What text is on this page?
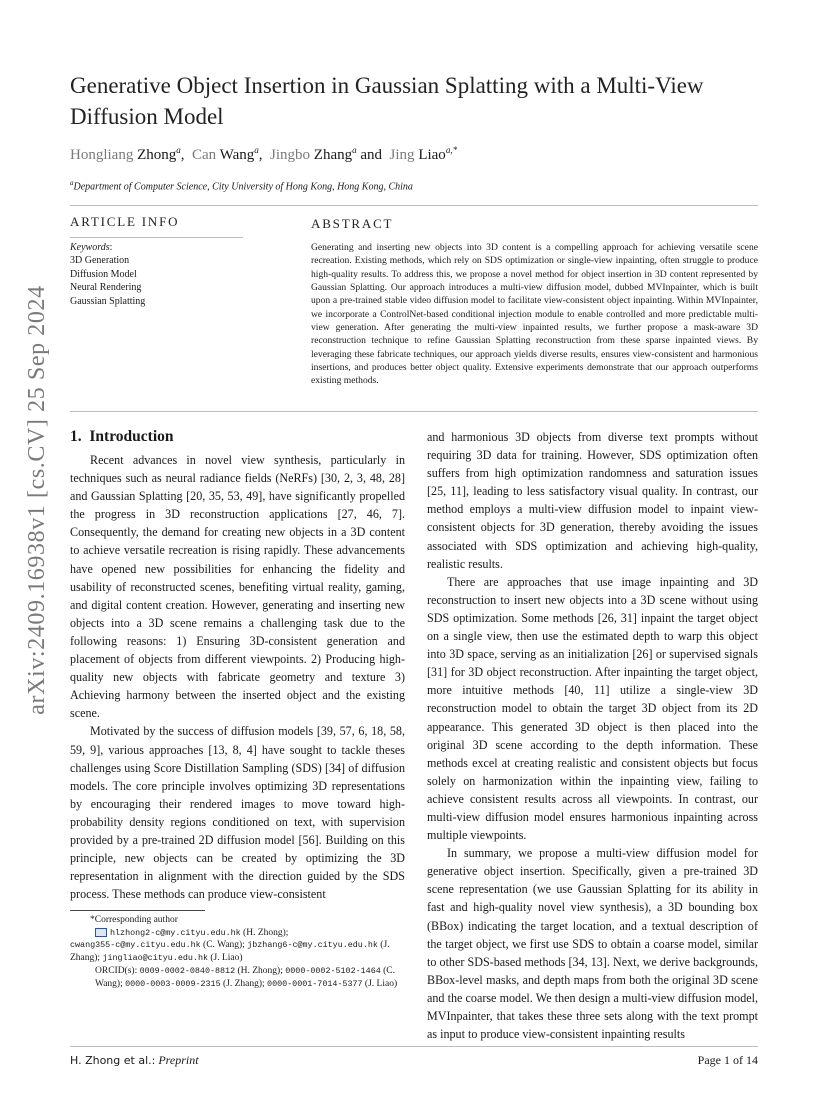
Generative Object Insertion in Gaussian Splatting with a Multi-View Diffusion Model
Hongliang Zhong$^a$,  Can Wang$^a$,  Jingbo Zhang$^a$ and Jing Liao$^{a,*}$
$^a$Department of Computer Science, City University of Hong Kong, Hong Kong, China
ARTICLE INFO
Keywords:
3D Generation
Diffusion Model
Neural Rendering
Gaussian Splatting
ABSTRACT
Generating and inserting new objects into 3D content is a compelling approach for achieving versatile scene recreation. Existing methods, which rely on SDS optimization or single-view inpainting, often struggle to produce high-quality results. To address this, we propose a novel method for object insertion in 3D content represented by Gaussian Splatting. Our approach introduces a multi-view diffusion model, dubbed MVInpainter, which is built upon a pre-trained stable video diffusion model to facilitate view-consistent object inpainting. Within MVInpainter, we incorporate a ControlNet-based conditional injection module to enable controlled and more predictable multi-view generation. After generating the multi-view inpainted results, we further propose a mask-aware 3D reconstruction technique to refine Gaussian Splatting reconstruction from these sparse inpainted views. By leveraging these fabricate techniques, our approach yields diverse results, ensures view-consistent and harmonious insertions, and produces better object quality. Extensive experiments demonstrate that our approach outperforms existing methods.
arXiv:2409.16938v1 [cs.CV] 25 Sep 2024 1. Introduction

Recent advances in novel view synthesis, particularly in techniques such as neural radiance fields (NeRFs) [30, 2, 3, 48, 28] and Gaussian Splatting [20, 35, 53, 49], have significantly propelled the progress in 3D reconstruction applications [27, 46, 7]. Consequently, the demand for creating new objects in a 3D content to achieve versatile recreation is rising rapidly. These advancements have opened new possibilities for enhancing the fidelity and usability of reconstructed scenes, benefiting virtual reality, gaming, and digital content creation. However, generating and inserting new objects into a 3D scene remains a challenging task due to the following reasons: 1) Ensuring 3D-consistent generation and placement of objects from different viewpoints. 2) Producing high-quality new objects with fabricate geometry and texture 3) Achieving harmony between the inserted object and the existing scene.

Motivated by the success of diffusion models [39, 57, 6, 18, 58, 59, 9], various approaches [13, 8, 4] have sought to tackle theses challenges using Score Distillation Sampling (SDS) [34] of diffusion models. The core principle involves optimizing 3D representations by encouraging their rendered images to move toward high-probability density regions conditioned on text, with supervision provided by a pre-trained 2D diffusion model [56]. Building on this principle, new objects can be created by optimizing the 3D representation in alignment with the direction guided by the SDS process. These methods can produce view-consistent

and harmonious 3D objects from diverse text prompts without requiring 3D data for training. However, SDS optimization often suffers from high optimization randomness and saturation issues [25, 11], leading to less satisfactory visual quality. In contrast, our method employs a multi-view diffusion model to inpaint view-consistent objects for 3D generation, thereby avoiding the issues associated with SDS optimization and achieving high-quality, realistic results.

There are approaches that use image inpainting and 3D reconstruction to insert new objects into a 3D scene without using SDS optimization. Some methods [26, 31] inpaint the target object on a single view, then use the estimated depth to warp this object into 3D space, serving as an initialization [26] or supervised signals [31] for 3D object reconstruction. After inpainting the target object, more intuitive methods [40, 11] utilize a single-view 3D reconstruction model to obtain the target 3D object from its 2D appearance. This generated 3D object is then placed into the original 3D scene according to the depth information. These methods excel at creating realistic and consistent objects but focus solely on harmonization within the inpainting view, failing to achieve consistent results across all viewpoints. In contrast, our multi-view diffusion model ensures harmonious inpainting across multiple viewpoints.

In summary, we propose a multi-view diffusion model for generative object insertion. Specifically, given a pre-trained 3D scene representation (we use Gaussian Splatting for its ability in fast and high-quality novel view synthesis), a 3D bounding box (BBox) indicating the target location, and a textual description of the target object, we first use SDS to obtain a coarse model, similar to other SDS-based methods [34, 13]. Next, we derive backgrounds, BBox-level masks, and depth maps from both the original 3D scene and the coarse model. We then design a multi-view diffusion model, MVInpainter, that takes these three sets along with the text prompt as input to produce view-consistent inpainting results

*Corresponding author
hlzhong2-c@my.cityu.edu.hk (H. Zhong);
cwang355-c@my.cityu.edu.hk (C. Wang); jbzhang6-c@my.cityu.edu.hk (J. Zhang); jingliao@cityu.edu.hk (J. Liao)
ORCID(s): 0009-0002-0840-8812 (H. Zhong); 0000-0002-5102-1464 (C. Wang); 0000-0003-0009-2315 (J. Zhang); 0000-0001-7014-5377 (J. Liao)
H. Zhong et al.: Preprint	Page 1 of 14
